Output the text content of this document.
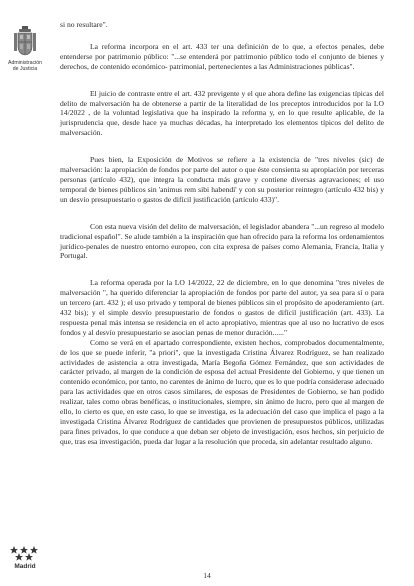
Administración
de Justicia
Madrid

si no resultare".

La reforma incorpora en el art. 433 ter una definición de lo que, a efectos penales, debe entenderse por patrimonio público: "...se entenderá por patrimonio público todo el conjunto de bienes y derechos, de contenido económico- patrimonial, pertenecientes a las Administraciones públicas".

El juicio de contraste entre el art. 432 previgente y el que ahora define las exigencias típicas del delito de malversación ha de obtenerse a partir de la literalidad de los preceptos introducidos por la LO 14/2022 , de la voluntad legislativa que ha inspirado la reforma y, en lo que resulte aplicable, de la jurisprudencia que, desde hace ya muchas décadas, ha interpretado los elementos típicos del delito de malversación.

Pues bien, la Exposición de Motivos se refiere a la existencia de "tres niveles (sic) de malversación: la apropiación de fondos por parte del autor o que éste consienta su apropiación por terceras personas (artículo 432), que integra la conducta más grave y contiene diversas agravaciones; el uso temporal de bienes públicos sin 'animus rem sibi habendi' y con su posterior reintegro (artículo 432 bis) y un desvío presupuestario o gastos de difícil justificación (artículo 433)".

Con esta nueva visión del delito de malversación, el legislador abandera "...un regreso al modelo tradicional español". Se alude también a la inspiración que han ofrecido para la reforma los ordenamientos jurídico-penales de nuestro entorno europeo, con cita expresa de países como Alemania, Francia, Italia y Portugal.

La reforma operada por la LO 14/2022, 22 de diciembre, en lo que denomina "tres niveles de malversación ", ha querido diferenciar la apropiación de fondos por parte del autor, ya sea para sí o para un tercero (art. 432 ); el uso privado y temporal de bienes públicos sin el propósito de apoderamiento (art. 432 bis); y el simple desvío presupuestario de fondos o gastos de difícil justificación (art. 433). La respuesta penal más intensa se residencia en el acto apropiativo, mientras que al uso no lucrativo de esos fondos y al desvío presupuestario se asocian penas de menor duración......"

Como se verá en el apartado correspondiente, existen hechos, comprobados documentalmente, de los que se puede inferir, "a priori", que la investigada Cristina Álvarez Rodríguez, se han realizado actividades de asistencia a otra investigada, María Begoña Gómez Fernández, que son actividades de carácter privado, al margen de la condición de esposa del actual Presidente del Gobierno, y que tienen un contenido económico, por tanto, no carentes de ánimo de lucro, que es lo que podría considerase adecuado para las actividades que en otros casos similares, de esposas de Presidentes de Gobierno, se han podido realizar, tales como obras benéficas, o institucionales, siempre, sin ánimo de lucro, pero que al margen de ello, lo cierto es que, en este caso, lo que se investiga, es la adecuación del caso que implica el pago a la investigada Cristina Álvarez Rodríguez de cantidades que provienen de presupuestos públicos, utilizadas para fines privados, lo que conduce a que deban ser objeto de investigación, esos hechos, sin perjuicio de que, tras esa investigación, pueda dar lugar a la resolución que proceda, sin adelantar resultado alguno.

14
